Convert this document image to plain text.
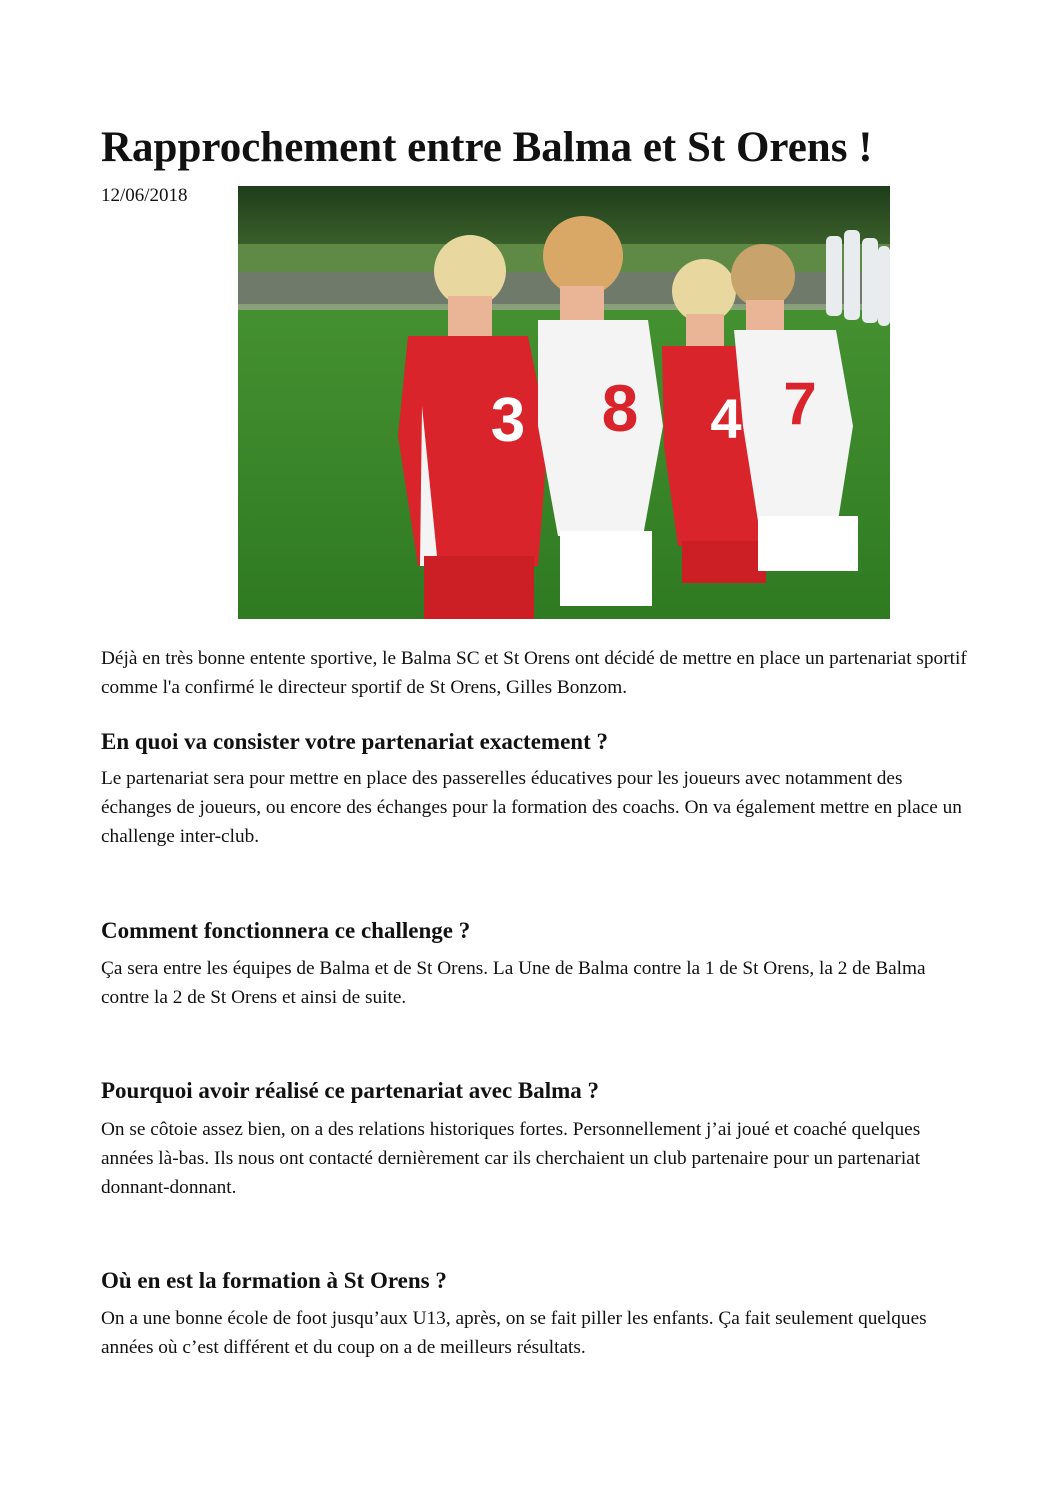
Rapprochement entre Balma et St Orens !
12/06/2018
3 8 4 7

Déjà en très bonne entente sportive, le Balma SC et St Orens ont décidé de mettre en place un partenariat sportif comme l'a confirmé le directeur sportif de St Orens, Gilles Bonzom.

En quoi va consister votre partenariat exactement ?

Le partenariat sera pour mettre en place des passerelles éducatives pour les joueurs avec notamment des échanges de joueurs, ou encore des échanges pour la formation des coachs. On va également mettre en place un challenge inter-club.

Comment fonctionnera ce challenge ?

Ça sera entre les équipes de Balma et de St Orens. La Une de Balma contre la 1 de St Orens, la 2 de Balma contre la 2 de St Orens et ainsi de suite.

Pourquoi avoir réalisé ce partenariat avec Balma ?

On se côtoie assez bien, on a des relations historiques fortes. Personnellement j’ai joué et coaché quelques années là-bas. Ils nous ont contacté dernièrement car ils cherchaient un club partenaire pour un partenariat donnant-donnant.

Où en est la formation à St Orens ?

On a une bonne école de foot jusqu’aux U13, après, on se fait piller les enfants. Ça fait seulement quelques années où c’est différent et du coup on a de meilleurs résultats.
